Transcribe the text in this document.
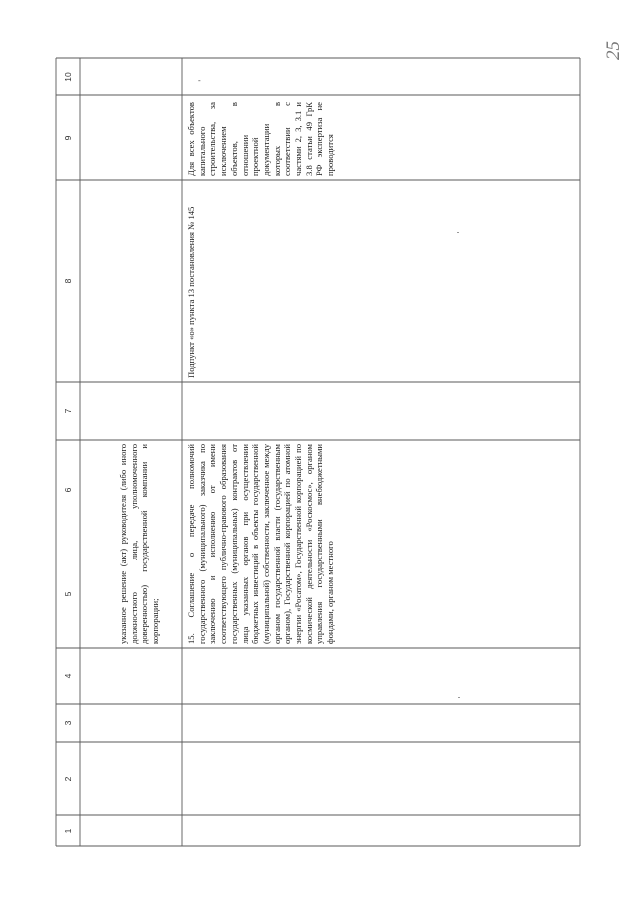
25
1
2
3
4
5
6
7
8
9
10

указанное решение (акт) руководителя (либо иного должностного лица, уполномоченного доверенностью) государственной компании и корпорации;	15. Соглашение о передаче полномочий государственного (муниципального) заказчика по заключению и исполнению от имени соответствующего публично-правового образования государственных (муниципальных) контрактов от лица указанных органов при осуществлении бюджетных инвестиций в объекты государственной (муниципальной) собственности, заключенное между органом государственной власти (государственным органом), Государственной корпорацией по атомной энергии «Росатом», Государственной корпорацией по космической деятельности «Роскосмос», органом управления государственными внебюджетными фондами, органом местного

Подпункт «о» пункта 13 постановления № 145

Для всех объектов капитального строительства, за исключением объектов, в отношении проектной документации которых в соответствии с частями 2, 3, 3.1 и 3.8 статьи 49 ГрК РФ экспертиза не проводится

-
